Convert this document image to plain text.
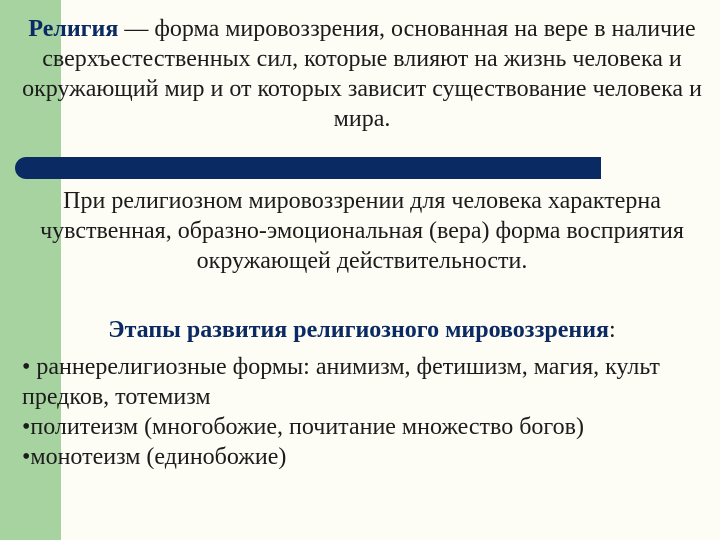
Религия — форма мировоззрения, основанная на вере в наличие сверхъестественных сил, которые влияют на жизнь человека и окружающий мир и от которых зависит существование человека и мира.
При религиозном мировоззрении для человека характерна чувственная, образно-эмоциональная (вера) форма восприятия окружающей действительности.
Этапы развития религиозного мировоззрения:
• раннерелигиозные формы: анимизм, фетишизм, магия, культ предков, тотемизм
•политеизм (многобожие, почитание множество богов)
•монотеизм (единобожие)
